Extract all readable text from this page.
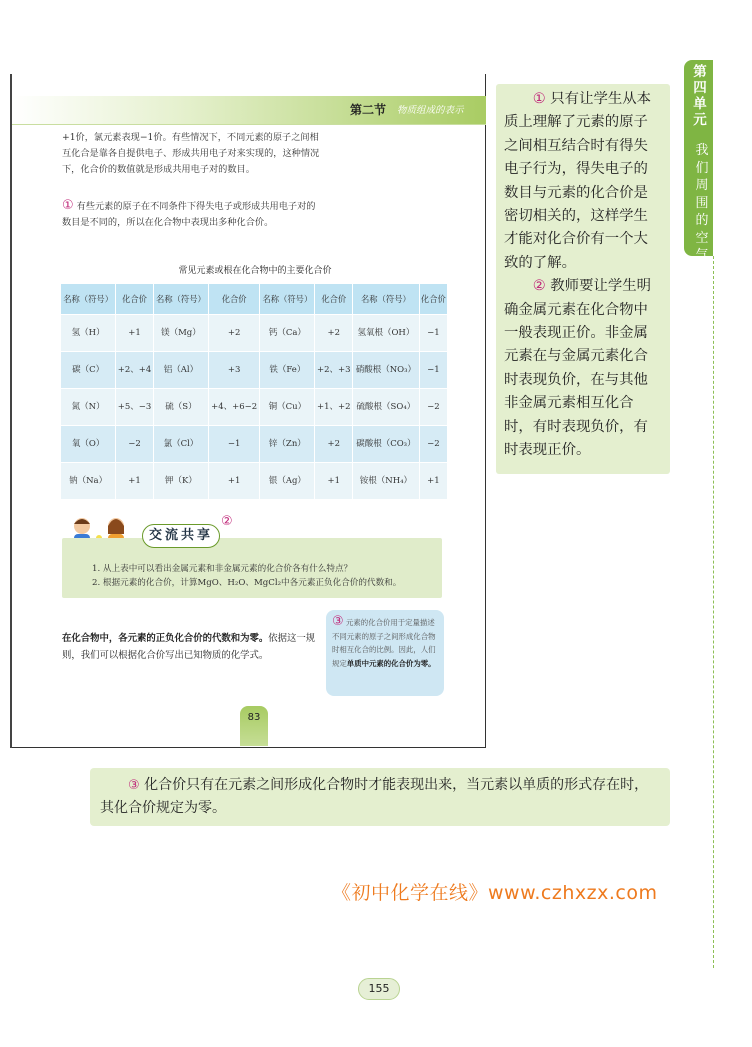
第二节 物质组成的表示
+1价，氯元素表现−1价。有些情况下，不同元素的原子之间相互化合是靠各自提供电子、形成共用电子对来实现的，这种情况下，化合价的数值就是形成共用电子对的数目。
① 有些元素的原子在不同条件下得失电子或形成共用电子对的数目是不同的，所以在化合物中表现出多种化合价。
常见元素或根在化合物中的主要化合价
名称（符号）	化合价	名称（符号）	化合价	名称（符号）	化合价	名称（符号）	化合价
氢（H）	+1	镁（Mg）	+2	钙（Ca）	+2	氢氧根（OH）	−1
碳（C）	+2、+4	铝（Al）	+3	铁（Fe）	+2、+3	硝酸根（NO₃）	−1
氮（N）	+5、−3	硫（S）	+4、+6−2	铜（Cu）	+1、+2	硫酸根（SO₄）	−2
氧（O）	−2	氯（Cl）	−1	锌（Zn）	+2	碳酸根（CO₃）	−2
钠（Na）	+1	钾（K）	+1	银（Ag）	+1	铵根（NH₄）	+1
交流共享
②
1. 从上表中可以看出金属元素和非金属元素的化合价各有什么特点？
2. 根据元素的化合价，计算MgO、H₂O、MgCl₂中各元素正负化合价的代数和。
在化合物中，各元素的正负化合价的代数和为零。依据这一规则，我们可以根据化合价写出已知物质的化学式。
③ 元素的化合价用于定量描述不同元素的原子之间形成化合物时相互化合的比例。因此，人们规定单质中元素的化合价为零。
83

① 只有让学生从本质上理解了元素的原子之间相互结合时有得失电子行为，得失电子的数目与元素的化合价是密切相关的，这样学生才能对化合价有一个大致的了解。

② 教师要让学生明确金属元素在化合物中一般表现正价。非金属元素在与金属元素化合时表现负价，在与其他非金属元素相互化合时，有时表现负价，有时表现正价。

第四单元
我们周围的空气

③ 化合价只有在元素之间形成化合物时才能表现出来，当元素以单质的形式存在时，其化合价规定为零。

《初中化学在线》www.czhxzx.com
155
